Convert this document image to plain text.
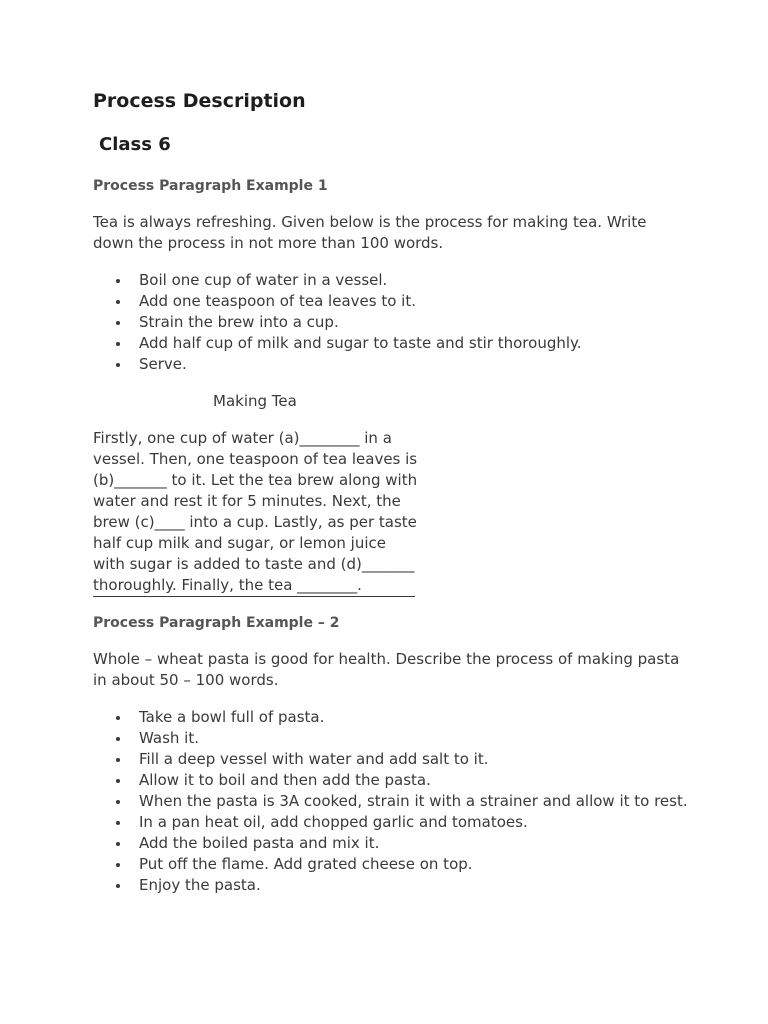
Process Description
Class 6
Process Paragraph Example 1

Tea is always refreshing. Given below is the process for making tea. Write down the process in not more than 100 words.

Boil one cup of water in a vessel.
Add one teaspoon of tea leaves to it.
Strain the brew into a cup.
Add half cup of milk and sugar to taste and stir thoroughly.
Serve.
Making Tea
Firstly, one cup of water (a)________ in a
vessel. Then, one teaspoon of tea leaves is
(b)_______ to it. Let the tea brew along with
water and rest it for 5 minutes. Next, the
brew (c)____ into a cup. Lastly, as per taste
half cup milk and sugar, or lemon juice
with sugar is added to taste and (d)_______
thoroughly. Finally, the tea ________.
Process Paragraph Example – 2

Whole – wheat pasta is good for health. Describe the process of making pasta in about 50 – 100 words.

Take a bowl full of pasta.
Wash it.
Fill a deep vessel with water and add salt to it.
Allow it to boil and then add the pasta.
When the pasta is 3A cooked, strain it with a strainer and allow it to rest.
In a pan heat oil, add chopped garlic and tomatoes.
Add the boiled pasta and mix it.
Put off the flame. Add grated cheese on top.
Enjoy the pasta.
